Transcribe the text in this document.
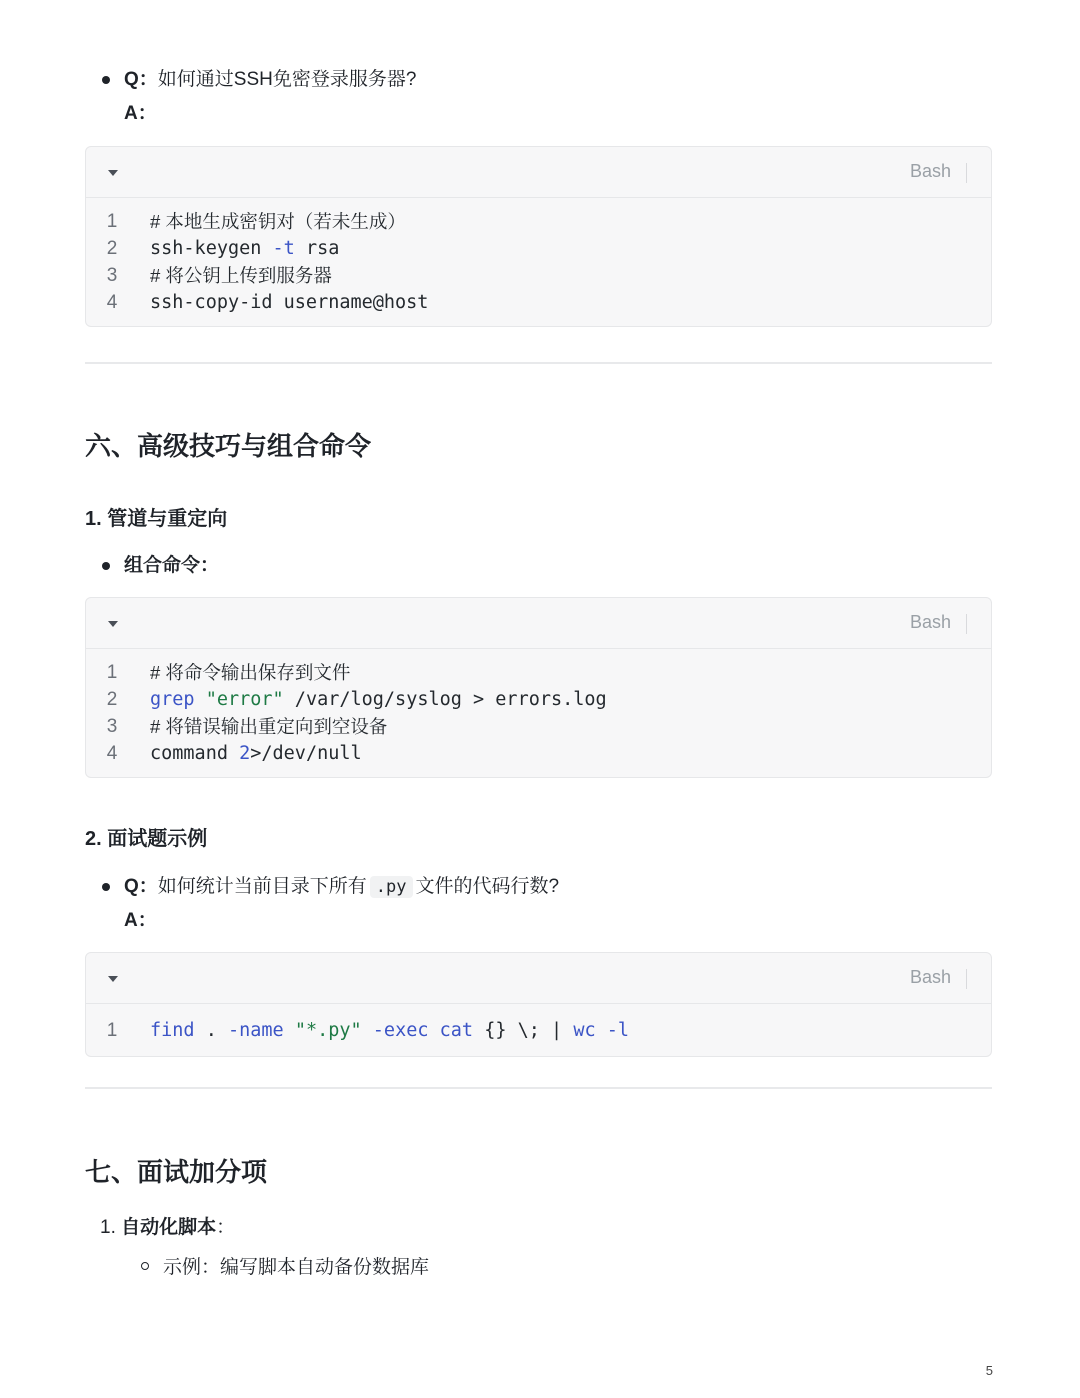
Q：如何通过SSH免密登录服务器?
A：
Bash
1 # 本地生成密钥对（若未生成）
2 ssh-keygen -t rsa
3 # 将公钥上传到服务器
4 ssh-copy-id username@host
六、高级技巧与组合命令
1. 管道与重定向
组合命令：
Bash
1 # 将命令输出保存到文件
2 grep "error" /var/log/syslog > errors.log
3 # 将错误输出重定向到空设备
4 command 2>/dev/null
2. 面试题示例
Q：如何统计当前目录下所有 .py 文件的代码行数?
A：
Bash
1 find . -name "*.py" -exec cat {} \; | wc -l
七、面试加分项
1. 自动化脚本：
示例：编写脚本自动备份数据库
5
